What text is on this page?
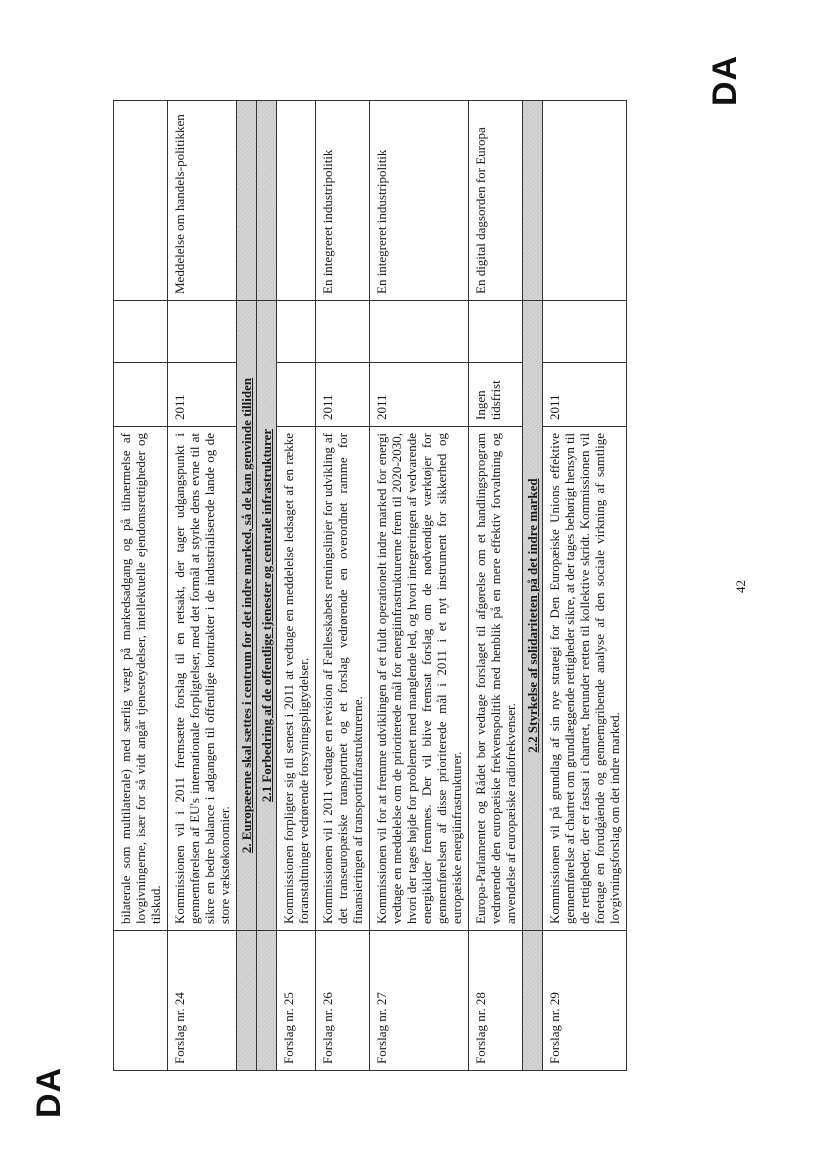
DA
DA
	bilaterale som multilaterale) med særlig vægt på markedsadgang og på tilnærmelse af lovgivningerne, især for så vidt angår tjenesteydelser, intellektuelle ejendomsrettigheder og tilskud.			
Forslag nr. 24	Kommissionen vil i 2011 fremsætte forslag til en retsakt, der tager udgangspunkt i gennemførelsen af EU's internationale forpligtelser, med det formål at styrke dens evne til at sikre en bedre balance i adgangen til offentlige kontrakter i de industrialiserede lande og de store vækstøkonomier.	2011		Meddelelse om handels-politikken
	2. Europæerne skal sættes i centrum for det indre marked, så de kan genvinde tilliden			
	2.1 Forbedring af de offentlige tjenester og centrale infrastrukturer			
Forslag nr. 25	Kommissionen forpligter sig til senest i 2011 at vedtage en meddelelse ledsaget af en række foranstaltninger vedrørende forsyningspligtydelser.			
Forslag nr. 26	Kommissionen vil i 2011 vedtage en revision af Fællesskabets retningslinjer for udvikling af det transeuropæiske transportnet og et forslag vedrørende en overordnet ramme for finansieringen af transportinfrastrukturerne.	2011		En integreret industripolitik
Forslag nr. 27	Kommissionen vil for at fremme udviklingen af et fuldt operationelt indre marked for energi vedtage en meddelelse om de prioriterede mål for energiinfrastrukturerne frem til 2020-2030, hvori der tages højde for problemet med manglende led, og hvori integreringen af vedvarende energikilder fremmes. Der vil blive fremsat forslag om de nødvendige værktøjer for gennemførelsen af disse prioriterede mål i 2011 i et nyt instrument for sikkerhed og europæiske energiinfrastrukturer.	2011		En integreret industripolitik
Forslag nr. 28	Europa-Parlamentet og Rådet bør vedtage forslaget til afgørelse om et handlingsprogram vedrørende den europæiske frekvenspolitik med henblik på en mere effektiv forvaltning og anvendelse af europæiske radiofrekvenser.	Ingen tidsfrist		En digital dagsorden for Europa
	2.2 Styrkelse af solidariteten på det indre marked			
Forslag nr. 29	Kommissionen vil på grundlag af sin nye strategi for Den Europæiske Unions effektive gennemførelse af chartret om grundlæggende rettigheder sikre, at der tages behørigt hensyn til de rettigheder, der er fastsat i chartret, herunder retten til kollektive skridt. Kommissionen vil foretage en forudgående og gennemgribende analyse af den sociale virkning af samtlige lovgivningsforslag om det indre marked.	2011		
42
